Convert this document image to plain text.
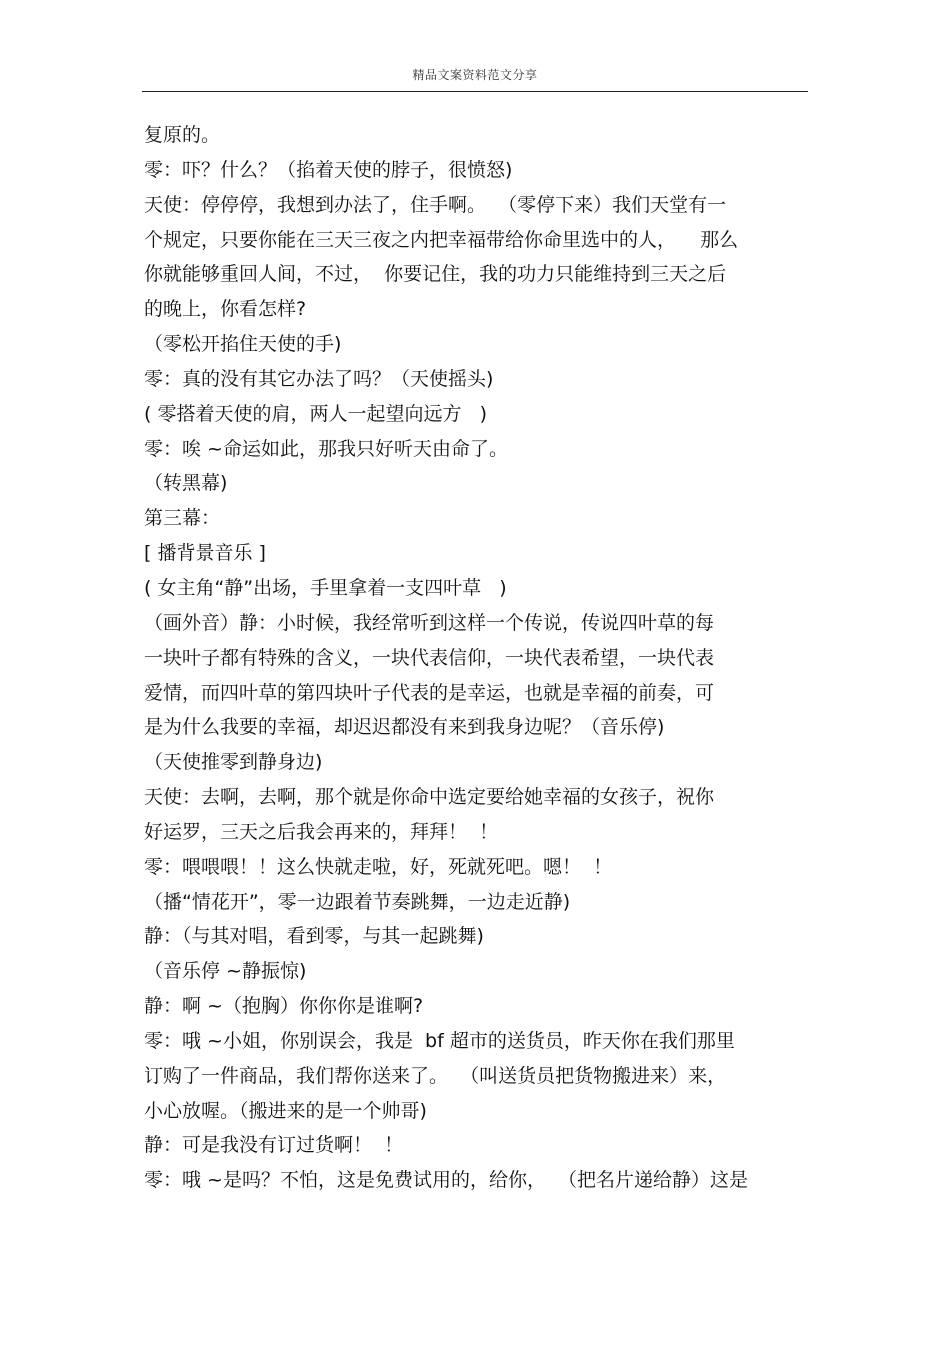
精品文案资料范文分享
复原的。
零：吓？什么？（掐着天使的脖子，很愤怒)
天使：停停停，我想到办法了，住手啊。  （零停下来）我们天堂有一
个规定，只要你能在三天三夜之内把幸福带给你命里选中的人，    那么
你就能够重回人间，不过，  你要记住，我的功力只能维持到三天之后
的晚上，你看怎样?
（零松开掐住天使的手)
零：真的没有其它办法了吗？（天使摇头)
( 零搭着天使的肩，两人一起望向远方   )
零：唉 ~命运如此，那我只好听天由命了。
（转黑幕)
第三幕：
[ 播背景音乐 ]
( 女主角“静”出场，手里拿着一支四叶草   )
（画外音）静：小时候，我经常听到这样一个传说，传说四叶草的每
一块叶子都有特殊的含义，一块代表信仰，一块代表希望，一块代表
爱情，而四叶草的第四块叶子代表的是幸运，也就是幸福的前奏，可
是为什么我要的幸福，却迟迟都没有来到我身边呢？（音乐停)
（天使推零到静身边)
天使：去啊，去啊，那个就是你命中选定要给她幸福的女孩子，祝你
好运罗，三天之后我会再来的，拜拜！  ！
零：喂喂喂！！这么快就走啦，好，死就死吧。嗯！  ！
（播“情花开”，零一边跟着节奏跳舞，一边走近静)
静：（与其对唱，看到零，与其一起跳舞)
（音乐停 ~静振惊)
静：啊 ~（抱胸）你你你是谁啊?
零：哦 ~小姐，你别误会，我是  bf 超市的送货员，昨天你在我们那里
订购了一件商品，我们帮你送来了。  （叫送货员把货物搬进来）来，
小心放喔。（搬进来的是一个帅哥)
静：可是我没有订过货啊！  ！
零：哦 ~是吗？不怕，这是免费试用的，给你，  （把名片递给静）这是
